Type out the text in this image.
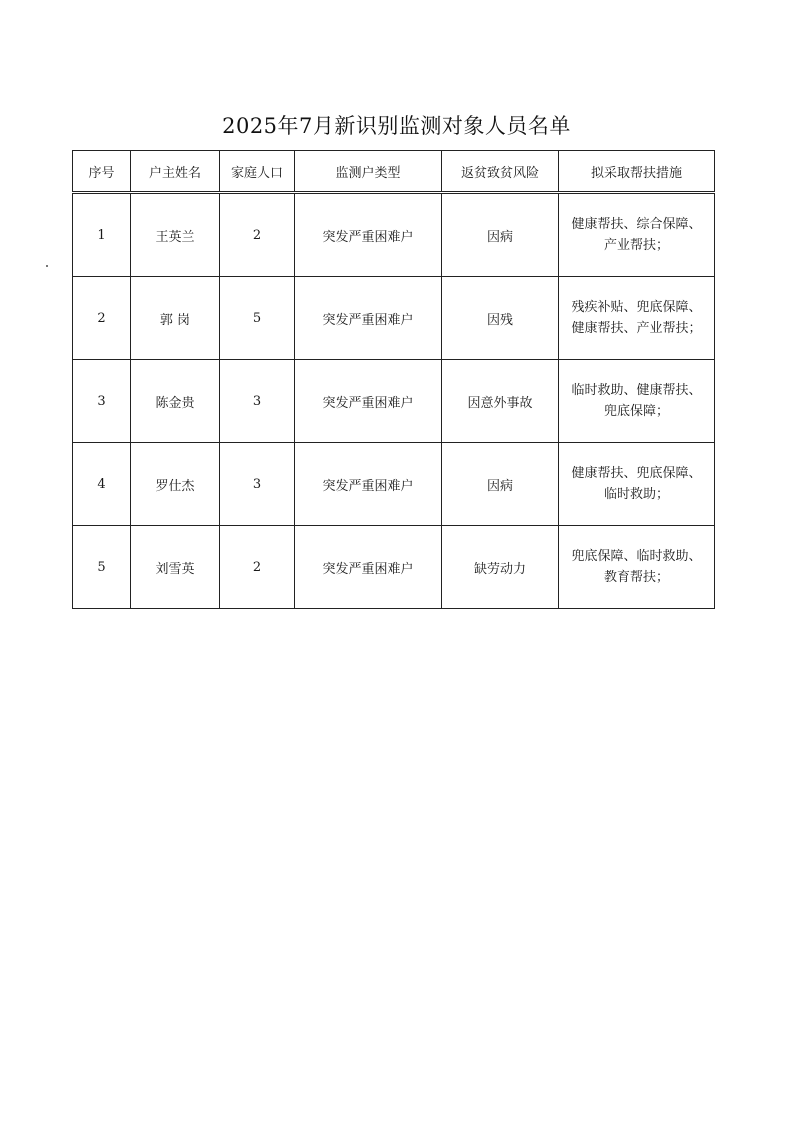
2025年7月新识别监测对象人员名单
序号	户主姓名	家庭人口	监测户类型	返贫致贫风险	拟采取帮扶措施
1	王英兰	2	突发严重困难户	因病	健康帮扶、综合保障、
产业帮扶；

2	郭 岗	5	突发严重困难户	因残	残疾补贴、兜底保障、
健康帮扶、产业帮扶；

3	陈金贵	3	突发严重困难户	因意外事故	临时救助、健康帮扶、
兜底保障；

4	罗仕杰	3	突发严重困难户	因病	健康帮扶、兜底保障、
临时救助；

5	刘雪英	2	突发严重困难户	缺劳动力	兜底保障、临时救助、
教育帮扶；
